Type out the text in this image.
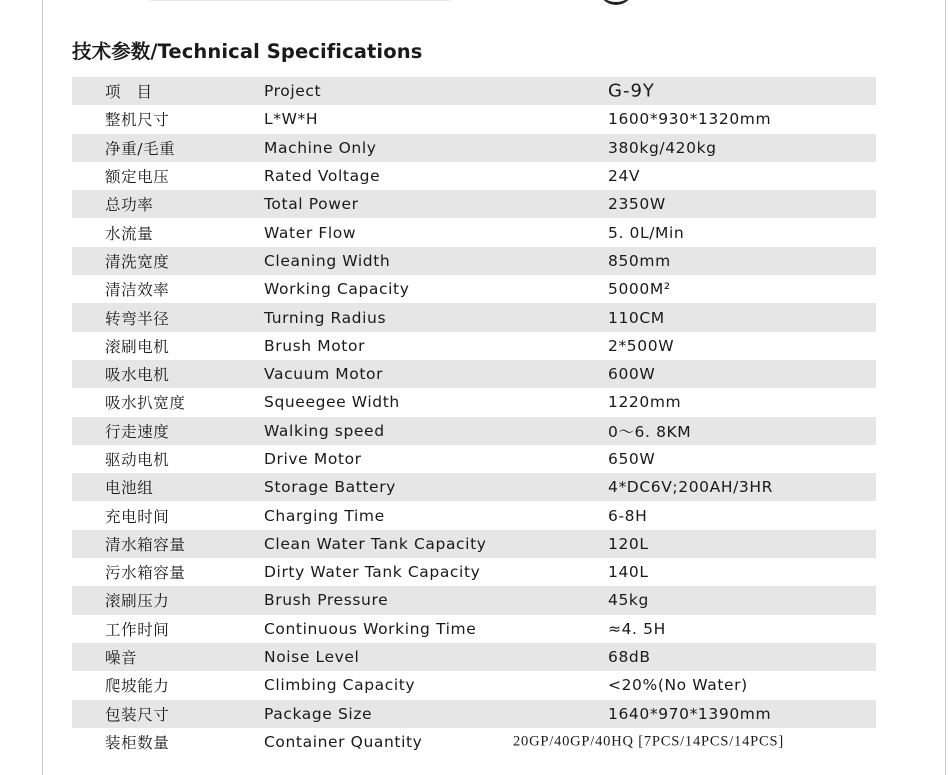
技术参数/Technical Specifications
项目	Project	G-9Y
整机尺寸	L*W*H	1600*930*1320mm
净重/毛重	Machine Only	380kg/420kg
额定电压	Rated Voltage	24V
总功率	Total Power	2350W
水流量	Water Flow	5. 0L/Min
清洗宽度	Cleaning Width	850mm
清洁效率	Working Capacity	5000M²
转弯半径	Turning Radius	110CM
滚刷电机	Brush Motor	2*500W
吸水电机	Vacuum Motor	600W
吸水扒宽度	Squeegee Width	1220mm
行走速度	Walking speed	0～6. 8KM
驱动电机	Drive Motor	650W
电池组	Storage Battery	4*DC6V;200AH/3HR
充电时间	Charging Time	6-8H
清水箱容量	Clean Water Tank Capacity	120L
污水箱容量	Dirty Water Tank Capacity	140L
滚刷压力	Brush Pressure	45kg
工作时间	Continuous Working Time	≈4. 5H
噪音	Noise Level	68dB
爬坡能力	Climbing Capacity	<20%(No Water)
包装尺寸	Package Size	1640*970*1390mm
装柜数量	Container Quantity	20GP/40GP/40HQ [7PCS/14PCS/14PCS]
